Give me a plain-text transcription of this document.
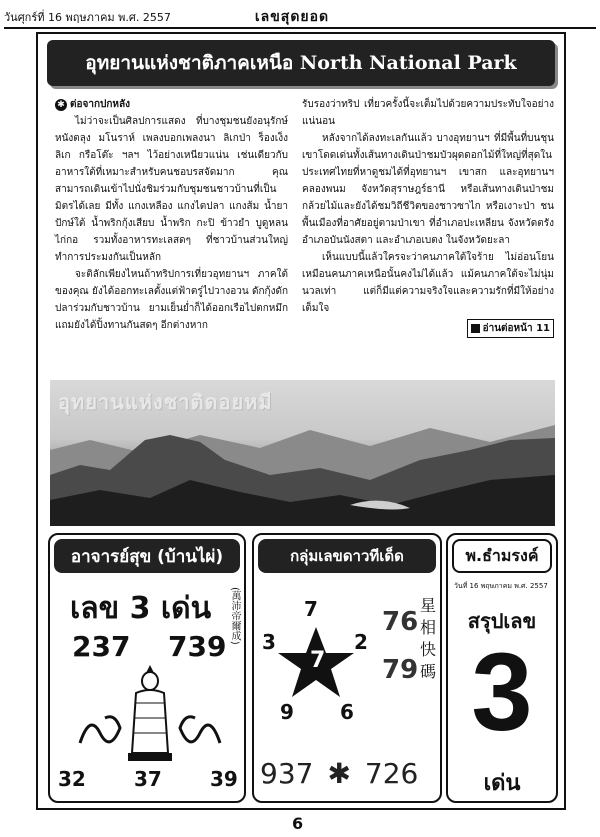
วันศุกร์ที่ 16 พฤษภาคม พ.ศ. 2557	เลขสุดยอด
อุทยานแห่งชาติภาคเหนือ North National Park

✱ ต่อจากปกหลัง

ไม่ว่าจะเป็นศิลปการแสดง ที่บางชุมชนยังอนุรักษ์หนังตลุง มโนราห์ เพลงบอกเพลงนา ลิเกป่า ร็องเง็ง ลิเก กรือโต๊ะ ฯลฯ ไว้อย่างเหนียวแน่น เช่นเดียวกับอาหารใต้ที่เหมาะสำหรับคนชอบรสจัดมาก คุณสามารถเดินเข้าไปนั่งชิมร่วมกับชุมชนชาวบ้านที่เป็นมิตรได้เลย มีทั้ง แกงเหลือง แกงไตปลา แกงส้ม น้ำยาปักษ์ใต้ น้ำพริกกุ้งเสียบ น้ำพริก กะปิ ข้าวยำ บูดูหลน ไก่กอ รวมทั้งอาหารทะเลสดๆ ที่ชาวบ้านส่วนใหญ่ทำการประมงกันเป็นหลัก

จะติลักเพียงไหนถ้าทริปการเที่ยวอุทยานฯ ภาคใต้ของคุณ ยังได้ออกทะเลตั้งแต่ฟ้าตรู่ไปวางอวน ดักกุ้งดักปลาร่วมกับชาวบ้าน ยามเย็นย่ำก็ได้ออกเรือไปตกหมึก แถมยังได้ปิ้งทานกันสดๆ อีกต่างหาก

รับรองว่าทริป เที่ยวครั้งนี้จะเต็มไปด้วยความประทับใจอย่างแน่นอน

หลังจากได้ลงทะเลกันแล้ว บางอุทยานฯ ที่มีพื้นที่บนชุนเขาโดดเด่นทั้งเส้นทางเดินป่าชมบัวผุดดอกไม้ที่ใหญ่ที่สุดในประเทศไทยที่หาดูชมได้ที่อุทยานฯ เขาสก และอุทยานฯ คลองพนม จังหวัดสุราษฎร์ธานี หรือเส้นทางเดินป่าชมกล้วยไม้และยังได้ชมวิถีชีวิตของชาวซาไก หรือเงาะป่า ชนพื้นเมืองที่อาศัยอยู่ตามป่าเขา ที่อำเภอปะเหลียน จังหวัดตรัง อำเภอบันนังสตา และอำเภอเบตง ในจังหวัดยะลา

เห็นแบบนี้แล้วใครจะว่าคนภาคใต้ใจร้าย ไม่อ่อนโยนเหมือนคนภาคเหนือนั้นคงไม่ได้แล้ว แม้คนภาคใต้จะไม่นุ่มนวลเท่า แต่ก็มีแต่ความจริงใจและความรักที่มีให้อย่างเต็มใจ

อ่านต่อหน้า 11

อุทยานแห่งชาติดอยหมี
อาจารย์สุข (บ้านไผ่)
เลข 3 เด่น	(萬沛帝爾成)
237 739
32 37 39
กลุ่มเลขดาวทีเด็ด
7
3	2
7
9 6
76
79
星相快碼
937 ✱ 726
พ.ธำมรงค์
วันที่ 16 พฤษภาคม พ.ศ. 2557
สรุปเลข
3
เด่น
6
